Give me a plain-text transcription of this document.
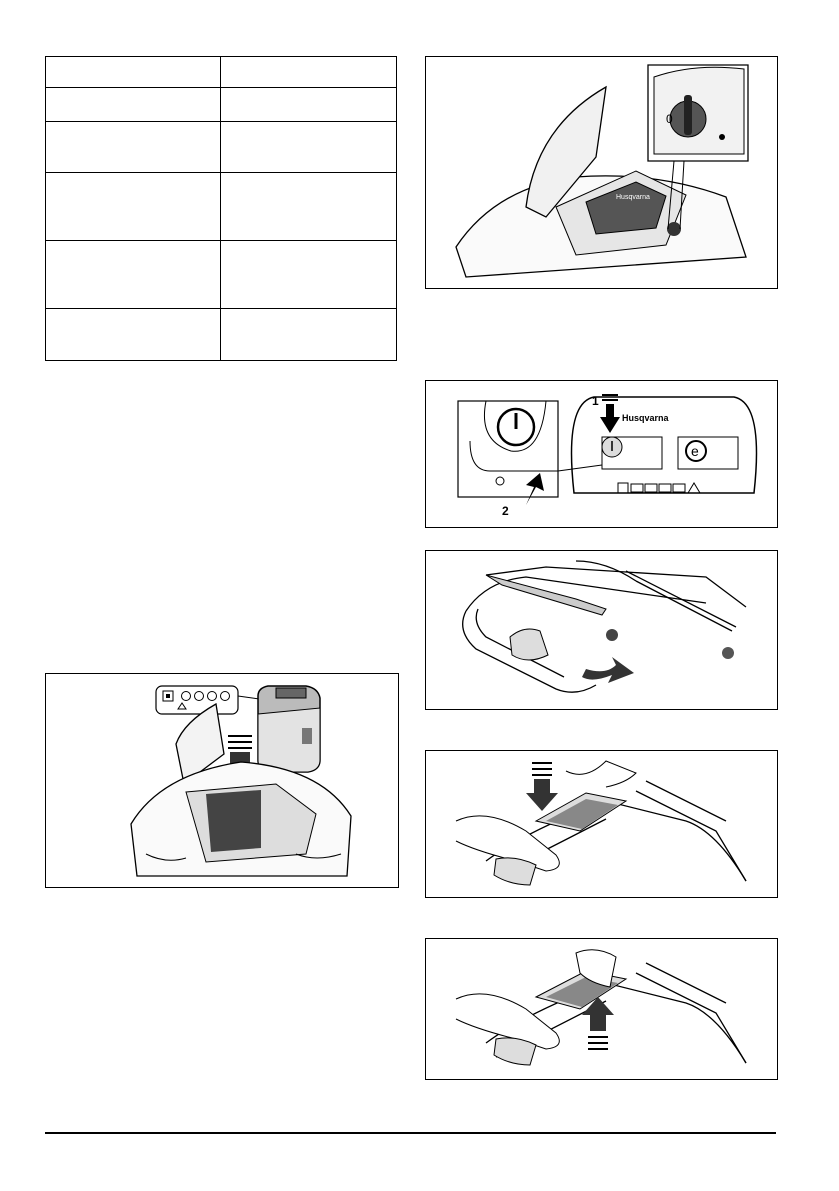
Husqvarna
0
2
Husqvarna
e
1
